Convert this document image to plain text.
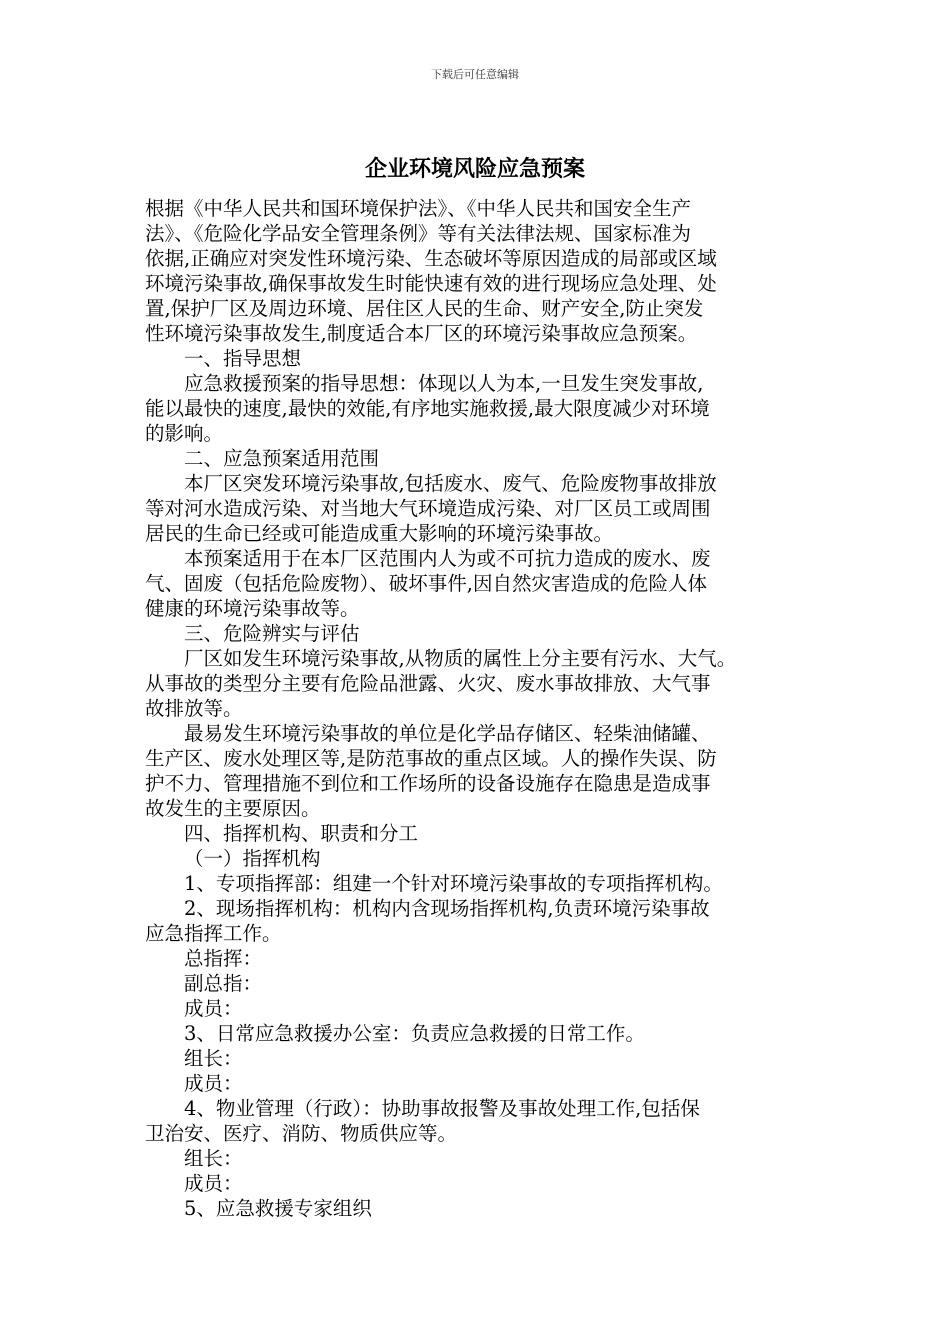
下载后可任意编辑
企业环境风险应急预案

根据《中华人民共和国环境保护法》、《中华人民共和国安全生产
法》、《危险化学品安全管理条例》等有关法律法规、国家标准为
依据,正确应对突发性环境污染、生态破坏等原因造成的局部或区域
环境污染事故,确保事故发生时能快速有效的进行现场应急处理、处
置,保护厂区及周边环境、居住区人民的生命、财产安全,防止突发
性环境污染事故发生,制度适合本厂区的环境污染事故应急预案。

一、指导思想

应急救援预案的指导思想：体现以人为本,一旦发生突发事故,
能以最快的速度,最快的效能,有序地实施救援,最大限度减少对环境
的影响。

二、应急预案适用范围

本厂区突发环境污染事故,包括废水、废气、危险废物事故排放
等对河水造成污染、对当地大气环境造成污染、对厂区员工或周围
居民的生命已经或可能造成重大影响的环境污染事故。

本预案适用于在本厂区范围内人为或不可抗力造成的废水、废
气、固废（包括危险废物）、破坏事件,因自然灾害造成的危险人体
健康的环境污染事故等。

三、危险辨实与评估

厂区如发生环境污染事故,从物质的属性上分主要有污水、大气。
从事故的类型分主要有危险品泄露、火灾、废水事故排放、大气事
故排放等。

最易发生环境污染事故的单位是化学品存储区、轻柴油储罐、
生产区、废水处理区等,是防范事故的重点区域。人的操作失误、防
护不力、管理措施不到位和工作场所的设备设施存在隐患是造成事
故发生的主要原因。

四、指挥机构、职责和分工

（一）指挥机构

1、专项指挥部：组建一个针对环境污染事故的专项指挥机构。

2、现场指挥机构：机构内含现场指挥机构,负责环境污染事故
应急指挥工作。

总指挥：

副总指：

成员：

3、日常应急救援办公室：负责应急救援的日常工作。

组长：

成员：

4、物业管理（行政）：协助事故报警及事故处理工作,包括保
卫治安、医疗、消防、物质供应等。

组长：

成员：

5、应急救援专家组织
